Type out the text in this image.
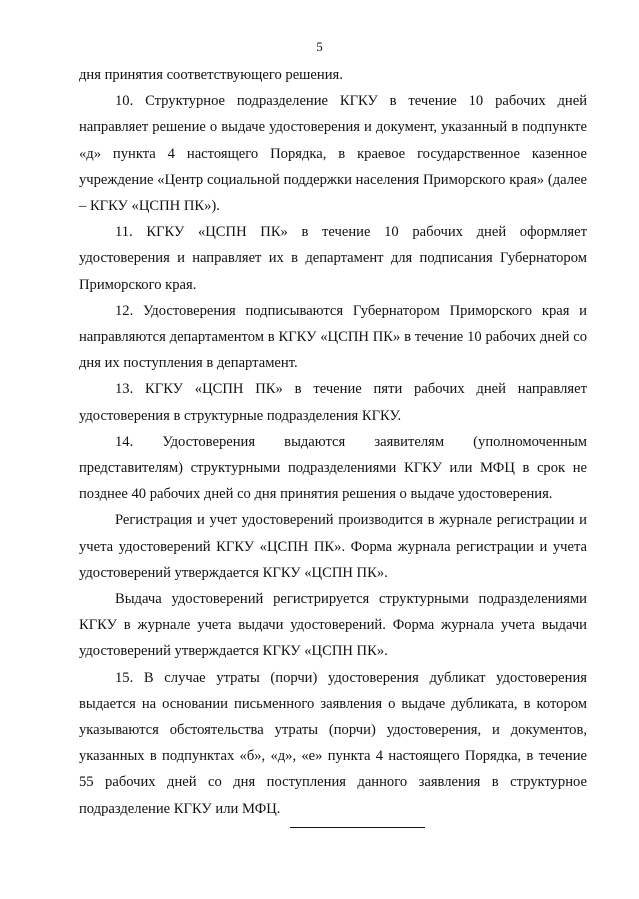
5

дня принятия соответствующего решения.

10. Структурное подразделение КГКУ в течение 10 рабочих дней направляет решение о выдаче удостоверения и документ, указанный в подпункте «д» пункта 4 настоящего Порядка, в краевое государственное казенное учреждение «Центр социальной поддержки населения Приморского края» (далее – КГКУ «ЦСПН ПК»).

11. КГКУ «ЦСПН ПК» в течение 10 рабочих дней оформляет удостоверения и направляет их в департамент для подписания Губернатором Приморского края.

12. Удостоверения подписываются Губернатором Приморского края и направляются департаментом в КГКУ «ЦСПН ПК» в течение 10 рабочих дней со дня их поступления в департамент.

13. КГКУ «ЦСПН ПК» в течение пяти рабочих дней направляет удостоверения в структурные подразделения КГКУ.

14. Удостоверения выдаются заявителям (уполномоченным представителям) структурными подразделениями КГКУ или МФЦ в срок не позднее 40 рабочих дней со дня принятия решения о выдаче удостоверения.

Регистрация и учет удостоверений производится в журнале регистрации и учета удостоверений КГКУ «ЦСПН ПК». Форма журнала регистрации и учета удостоверений утверждается КГКУ «ЦСПН ПК».

Выдача удостоверений регистрируется структурными подразделениями КГКУ в журнале учета выдачи удостоверений. Форма журнала учета выдачи удостоверений утверждается КГКУ «ЦСПН ПК».

15. В случае утраты (порчи) удостоверения дубликат удостоверения выдается на основании письменного заявления о выдаче дубликата, в котором указываются обстоятельства утраты (порчи) удостоверения, и документов, указанных в подпунктах «б», «д», «е» пункта 4 настоящего Порядка, в течение 55 рабочих дней со дня поступления данного заявления в структурное подразделение КГКУ или МФЦ.
